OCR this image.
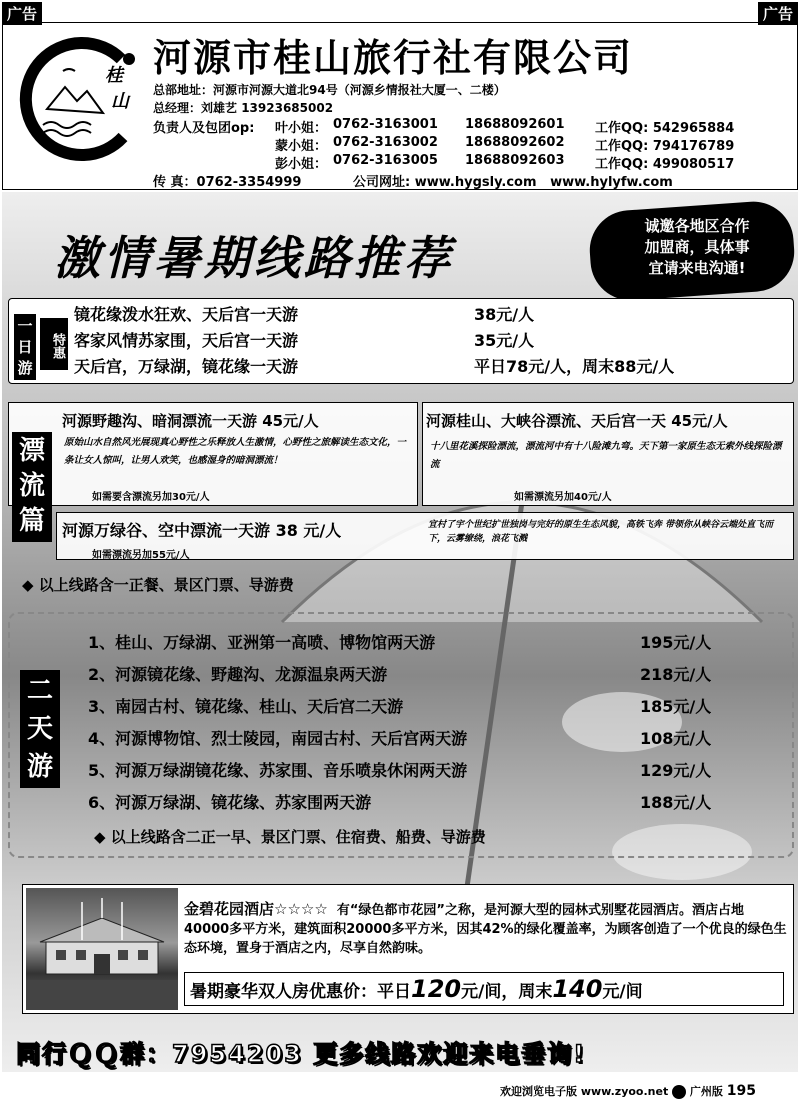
广告	广告
桂
山
河源市桂山旅行社有限公司
总部地址：河源市河源大道北94号（河源乡情报社大厦一、二楼）
总经理：刘雄艺 13923685002
负责人及包团op: 叶小姐： 0762-3163001 18688092601 工作QQ: 542965884
蒙小姐： 0762-3163002 18688092602 工作QQ: 794176789
彭小姐： 0762-3163005 18688092603 工作QQ: 499080517
传 真：0762-3354999	公司网址: www.hygsly.com www.hylyfw.com
激情暑期线路推荐
诚邀各地区合作
加盟商，具体事
宜请来电沟通!
一日游
特惠
镜花缘泼水狂欢、天后宫一天游	38元/人
客家风情苏家围，天后宫一天游	35元/人
天后宫，万绿湖，镜花缘一天游	平日78元/人，周末88元/人
漂流篇
河源野趣沟、暗洞漂流一天游 45元/人
原始山水自然风光展现真心野性之乐释放人生激情，心野性之旅解读生态文化，一条让女人惊叫，让男人欢笑，也感湿身的暗洞漂流！
如需要含漂流另加30元/人
河源桂山、大峡谷漂流、天后宫一天 45元/人
十八里花溪探险漂流，漂流河中有十八险滩九弯。天下第一家原生态无索外线探险漂流
如需漂流另加40元/人
河源万绿谷、空中漂流一天游 38 元/人	宜村了宇个世纪扩世独岗与完好的原生生态风貌，高铁飞奔 带领你从峡谷云端处直飞而下，云雾缭绕，浪花飞溅
如需漂流另加55元/人
◆ 以上线路含一正餐、景区门票、导游费
二天游
1、桂山、万绿湖、亚洲第一高喷、博物馆两天游	195元/人
2、河源镜花缘、野趣沟、龙源温泉两天游	218元/人
3、南园古村、镜花缘、桂山、天后宫二天游	185元/人
4、河源博物馆、烈士陵园，南园古村、天后宫两天游	108元/人
5、河源万绿湖镜花缘、苏家围、音乐喷泉休闲两天游	129元/人
6、河源万绿湖、镜花缘、苏家围两天游	188元/人
◆ 以上线路含二正一早、景区门票、住宿费、船费、导游费
金碧花园酒店☆☆☆☆ 有“绿色都市花园”之称，是河源大型的园林式别墅花园酒店。酒店占地40000多平方米，建筑面积20000多平方米，因其42%的绿化覆盖率，为顾客创造了一个优良的绿色生态环境，置身于酒店之内，尽享自然韵味。
暑期豪华双人房优惠价：平日120元/间，周末140元/间
同行ＱＱ群：7954203 更多线路欢迎来电垂询!
欢迎浏览电子版 www.zyoo.net 广州版 195
